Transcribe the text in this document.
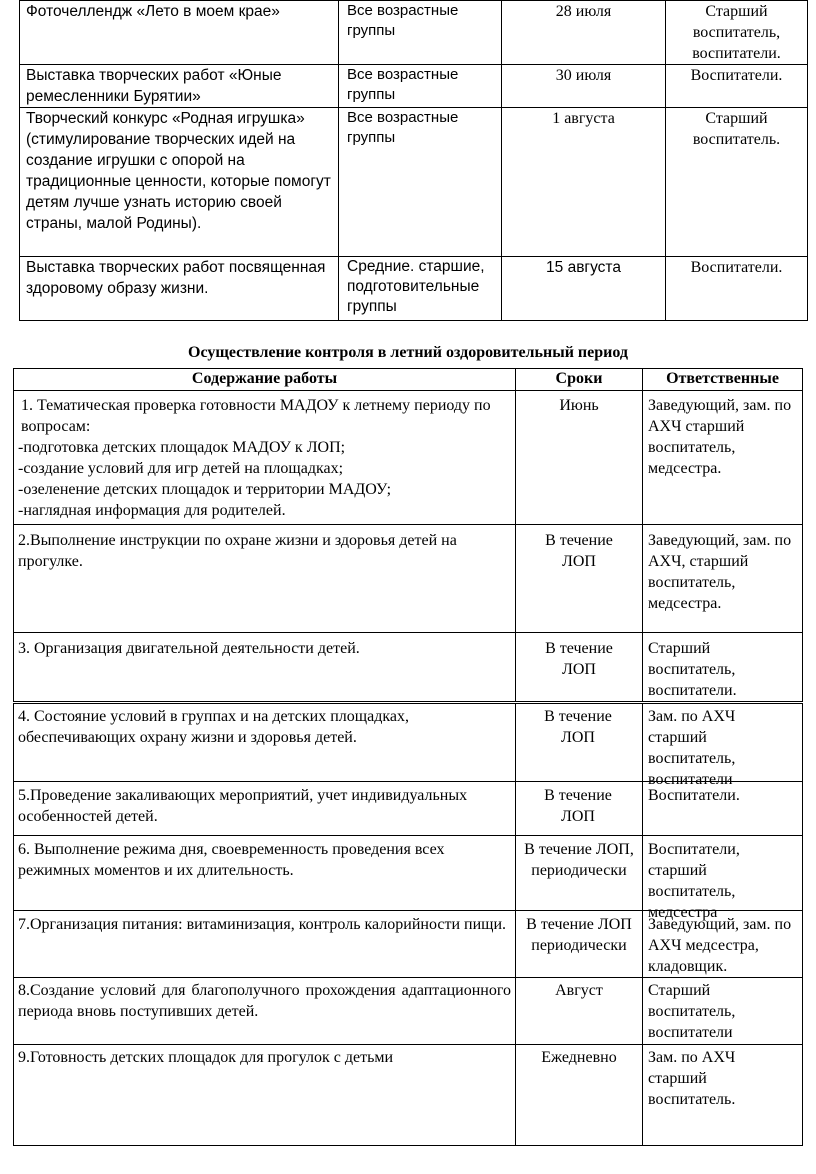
Фоточеллендж «Лето в моем крае»	Все возрастные группы	28 июля	Старший воспитатель, воспитатели.
Выставка творческих работ «Юные ремесленники Бурятии»	Все возрастные группы	30 июля	Воспитатели.
Творческий конкурс «Родная игрушка» (стимулирование творческих идей на создание игрушки с опорой на традиционные ценности, которые помогут детям лучше узнать историю своей страны, малой Родины).	Все возрастные группы	1 августа	Старший воспитатель.
Выставка творческих работ посвященная здоровому образу жизни.	Средние. старшие, подготовительные группы	15 августа	Воспитатели.
Осуществление контроля в летний оздоровительный период
Содержание работы	Сроки	Ответственные

1. Тематическая проверка готовности МАДОУ к летнему периоду по вопросам:
-подготовка детских площадок МАДОУ к ЛОП;
-создание условий для игр детей на площадках;
-озеленение детских площадок и территории МАДОУ;
-наглядная информация для родителей.	Июнь	Заведующий, зам. по АХЧ старший воспитатель, медсестра.

2.Выполнение инструкции по охране жизни и здоровья детей на прогулке.	В течение ЛОП	Заведующий, зам. по АХЧ, старший воспитатель, медсестра.

3. Организация двигательной деятельности детей.	В течение ЛОП	Старший воспитатель, воспитатели.
4. Состояние условий в группах и на детских площадках, обеспечивающих охрану жизни и здоровья детей.	В течение ЛОП	Зам. по АХЧ старший воспитатель, воспитатели

5.Проведение закаливающих мероприятий, учет индивидуальных особенностей детей.	В течение ЛОП	Воспитатели.

6. Выполнение режима дня, своевременность проведения всех режимных моментов и их длительность.	В течение ЛОП, периодически	Воспитатели, старший воспитатель, медсестра

7.Организация питания: витаминизация, контроль калорийности пищи.	В течение ЛОП периодически	Заведующий, зам. по АХЧ медсестра, кладовщик.

8.Создание условий для благополучного прохождения адаптационного периода вновь поступивших детей.	Август	Старший воспитатель, воспитатели

9.Готовность детских площадок для прогулок с детьми	Ежедневно	Зам. по АХЧ старший воспитатель.
